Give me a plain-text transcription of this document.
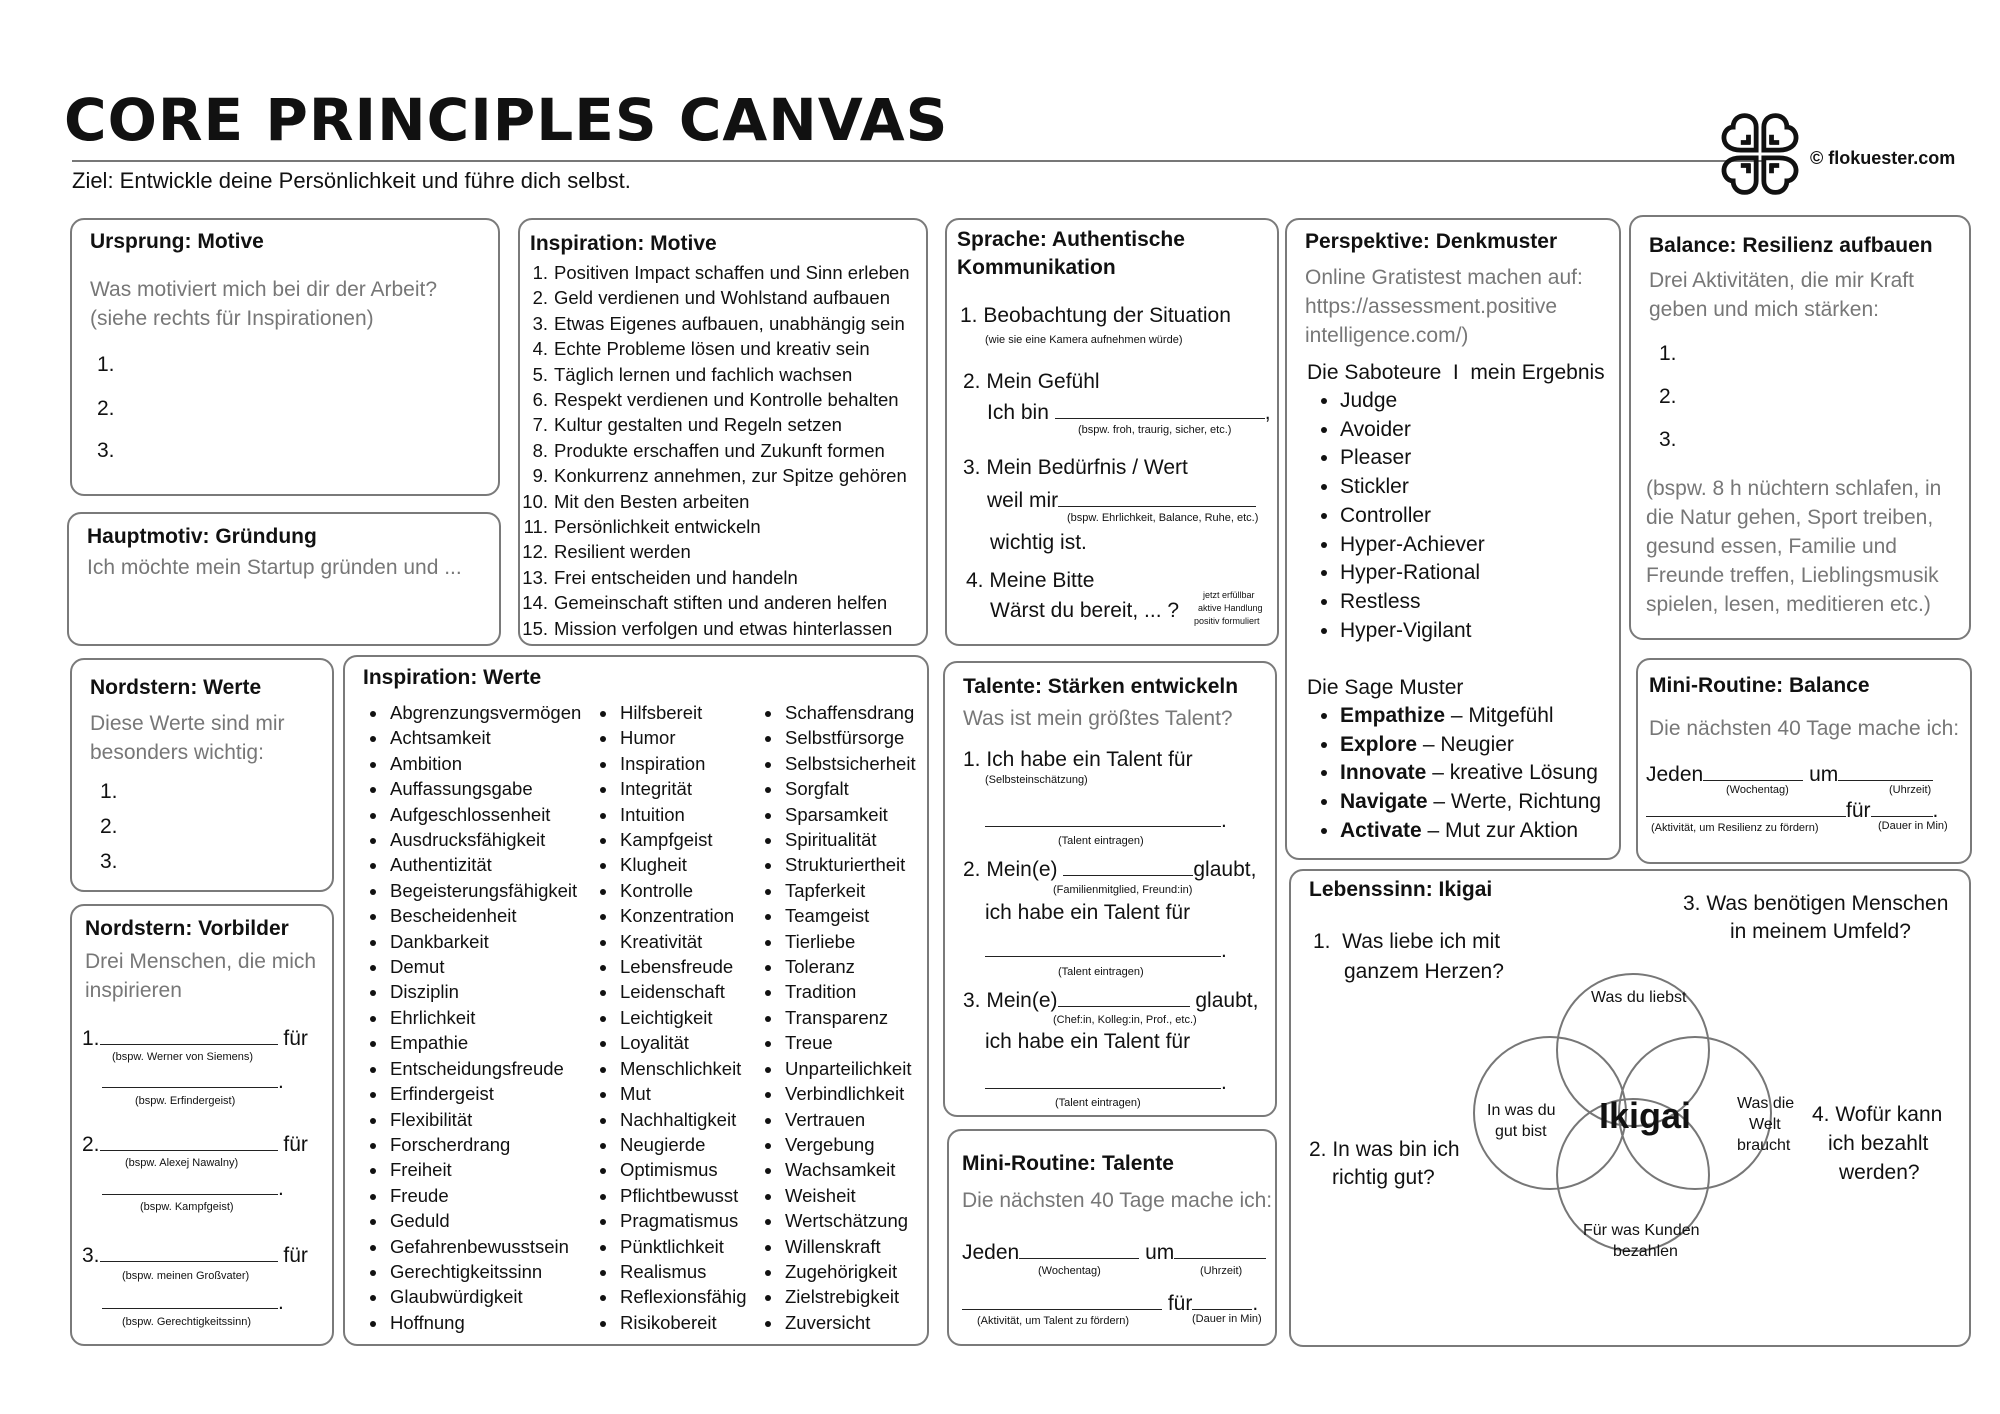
CORE PRINCIPLES CANVAS
Ziel: Entwickle deine Persönlichkeit und führe dich selbst.
© flokuester.com
Ursprung: Motive
Was motiviert mich bei dir der Arbeit? (siehe rechts für Inspirationen)
1.
2.
3.
Hauptmotiv: Gründung
Ich möchte mein Startup gründen und ...
Inspiration: Motive
1. Positiven Impact schaffen und Sinn erleben
2. Geld verdienen und Wohlstand aufbauen
3. Etwas Eigenes aufbauen, unabhängig sein
4. Echte Probleme lösen und kreativ sein
5. Täglich lernen und fachlich wachsen
6. Respekt verdienen und Kontrolle behalten
7. Kultur gestalten und Regeln setzen
8. Produkte erschaffen und Zukunft formen
9. Konkurrenz annehmen, zur Spitze gehören
10. Mit den Besten arbeiten
11. Persönlichkeit entwickeln
12. Resilient werden
13. Frei entscheiden und handeln
14. Gemeinschaft stiften und anderen helfen
15. Mission verfolgen und etwas hinterlassen
Sprache: Authentische
Kommunikation
1. Beobachtung der Situation
(wie sie eine Kamera aufnehmen würde)
2. Mein Gefühl
Ich bin	,
(bspw. froh, traurig, sicher, etc.)
3. Mein Bedürfnis / Wert
weil mir
(bspw. Ehrlichkeit, Balance, Ruhe, etc.)
wichtig ist.
4. Meine Bitte
Wärst du bereit, ... ?
jetzt erfüllbar
aktive Handlung
positiv formuliert
Perspektive: Denkmuster
Online Gratistest machen auf:
https://assessment.positive
intelligence.com/)
Die Saboteure  I  mein Ergebnis
• Judge
• Avoider
• Pleaser
• Stickler
• Controller
• Hyper-Achiever
• Hyper-Rational
• Restless
• Hyper-Vigilant
Die Sage Muster
• Empathize – Mitgefühl
• Explore – Neugier
• Innovate – kreative Lösung
• Navigate – Werte, Richtung
• Activate – Mut zur Aktion
Balance: Resilienz aufbauen
Drei Aktivitäten, die mir Kraft
geben und mich stärken:
1.
2.
3.
(bspw. 8 h nüchtern schlafen, in die Natur gehen, Sport treiben, gesund essen, Familie und Freunde treffen, Lieblingsmusik spielen, lesen, meditieren etc.)
Nordstern: Werte
Diese Werte sind mir besonders wichtig:
1.
2.
3.
Nordstern: Vorbilder
Drei Menschen, die mich inspirieren
1.	für
(bspw. Werner von Siemens)
.
(bspw. Erfindergeist)
2.	für
(bspw. Alexej Nawalny)
.
(bspw. Kampfgeist)
3.	für
(bspw. meinen Großvater)
.
(bspw. Gerechtigkeitssinn)
Inspiration: Werte
• Abgrenzungsvermögen
• Achtsamkeit
• Ambition
• Auffassungsgabe
• Aufgeschlossenheit
• Ausdrucksfähigkeit
• Authentizität
• Begeisterungsfähigkeit
• Bescheidenheit
• Dankbarkeit
• Demut
• Disziplin
• Ehrlichkeit
• Empathie
• Entscheidungsfreude
• Erfindergeist
• Flexibilität
• Forscherdrang
• Freiheit
• Freude
• Geduld
• Gefahrenbewusstsein
• Gerechtigkeitssinn
• Glaubwürdigkeit
• Hoffnung
• Hilfsbereit
• Humor
• Inspiration
• Integrität
• Intuition
• Kampfgeist
• Klugheit
• Kontrolle
• Konzentration
• Kreativität
• Lebensfreude
• Leidenschaft
• Leichtigkeit
• Loyalität
• Menschlichkeit
• Mut
• Nachhaltigkeit
• Neugierde
• Optimismus
• Pflichtbewusst
• Pragmatismus
• Pünktlichkeit
• Realismus
• Reflexionsfähig
• Risikobereit
• Schaffensdrang
• Selbstfürsorge
• Selbstsicherheit
• Sorgfalt
• Sparsamkeit
• Spiritualität
• Strukturiertheit
• Tapferkeit
• Teamgeist
• Tierliebe
• Toleranz
• Tradition
• Transparenz
• Treue
• Unparteilichkeit
• Verbindlichkeit
• Vertrauen
• Vergebung
• Wachsamkeit
• Weisheit
• Wertschätzung
• Willenskraft
• Zugehörigkeit
• Zielstrebigkeit
• Zuversicht
Talente: Stärken entwickeln
Was ist mein größtes Talent?
1. Ich habe ein Talent für
(Selbsteinschätzung)
.
(Talent eintragen)
2. Mein(e)	glaubt,
(Familienmitglied, Freund:in)
ich habe ein Talent für
.
(Talent eintragen)
3. Mein(e)	glaubt,
(Chef:in, Kolleg:in, Prof., etc.)
ich habe ein Talent für
.
(Talent eintragen)
Mini-Routine: Talente
Die nächsten 40 Tage mache ich:
Jeden	um
(Wochentag)	(Uhrzeit)
für	.
(Aktivität, um Talent zu fördern)	(Dauer in Min)
Mini-Routine: Balance
Die nächsten 40 Tage mache ich:
Jeden	um
(Wochentag)	(Uhrzeit)
für	.
(Aktivität, um Resilienz zu fördern)	(Dauer in Min)
Lebenssinn: Ikigai
1.  Was liebe ich mit
ganzem Herzen?
2. In was bin ich
richtig gut?
3. Was benötigen Menschen
in meinem Umfeld?
4. Wofür kann
ich bezahlt
werden?
Was du liebst
In was du
gut bist
Was die
Welt
braucht
Für was Kunden
bezahlen
Ikigai
